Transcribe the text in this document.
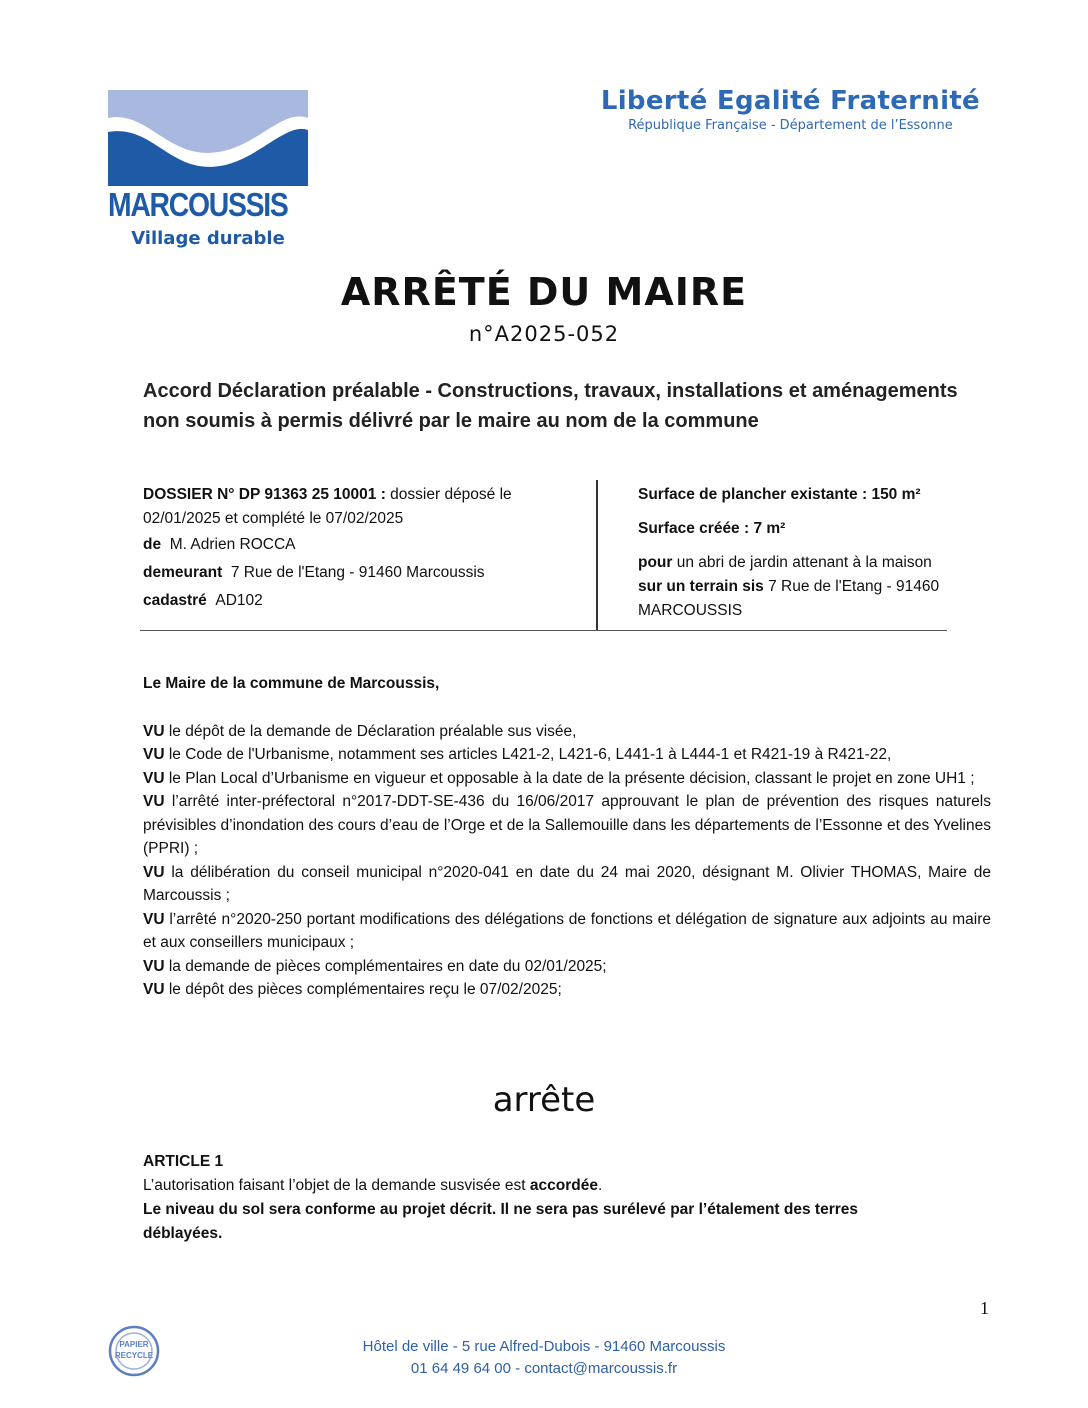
MARCOUSSIS
Village durable
Liberté Egalité Fraternité
République Française - Département de l’Essonne
ARRÊTÉ DU MAIRE
n°A2025-052
Accord Déclaration préalable - Constructions, travaux, installations et aménagements non soumis à permis délivré par le maire au nom de la commune

DOSSIER N° DP 91363 25 10001 : dossier déposé le 02/01/2025 et complété le 07/02/2025

de M. Adrien ROCCA

demeurant 7 Rue de l'Etang - 91460 Marcoussis

cadastré AD102

Surface de plancher existante : 150 m²

Surface créée : 7 m²

pour un abri de jardin attenant à la maison

sur un terrain sis 7 Rue de l'Etang - 91460 MARCOUSSIS

Le Maire de la commune de Marcoussis,

VU le dépôt de la demande de Déclaration préalable sus visée,

VU le Code de l'Urbanisme, notamment ses articles L421-2, L421-6, L441-1 à L444-1 et R421-19 à R421-22,

VU le Plan Local d’Urbanisme en vigueur et opposable à la date de la présente décision, classant le projet en zone UH1 ;

VU l’arrêté inter-préfectoral n°2017-DDT-SE-436 du 16/06/2017 approuvant le plan de prévention des risques naturels prévisibles d’inondation des cours d’eau de l’Orge et de la Sallemouille dans les départements de l’Essonne et des Yvelines (PPRI) ;

VU la délibération du conseil municipal n°2020-041 en date du 24 mai 2020, désignant M. Olivier THOMAS, Maire de Marcoussis ;

VU l’arrêté n°2020-250 portant modifications des délégations de fonctions et délégation de signature aux adjoints au maire et aux conseillers municipaux ;

VU la demande de pièces complémentaires en date du 02/01/2025;

VU le dépôt des pièces complémentaires reçu le 07/02/2025;

arrête

ARTICLE 1

L’autorisation faisant l’objet de la demande susvisée est accordée.

Le niveau du sol sera conforme au projet décrit. Il ne sera pas surélevé par l’étalement des terres déblayées.

1
PAPIER
RECYCLE

Hôtel de ville - 5 rue Alfred-Dubois - 91460 Marcoussis

01 64 49 64 00 - contact@marcoussis.fr
